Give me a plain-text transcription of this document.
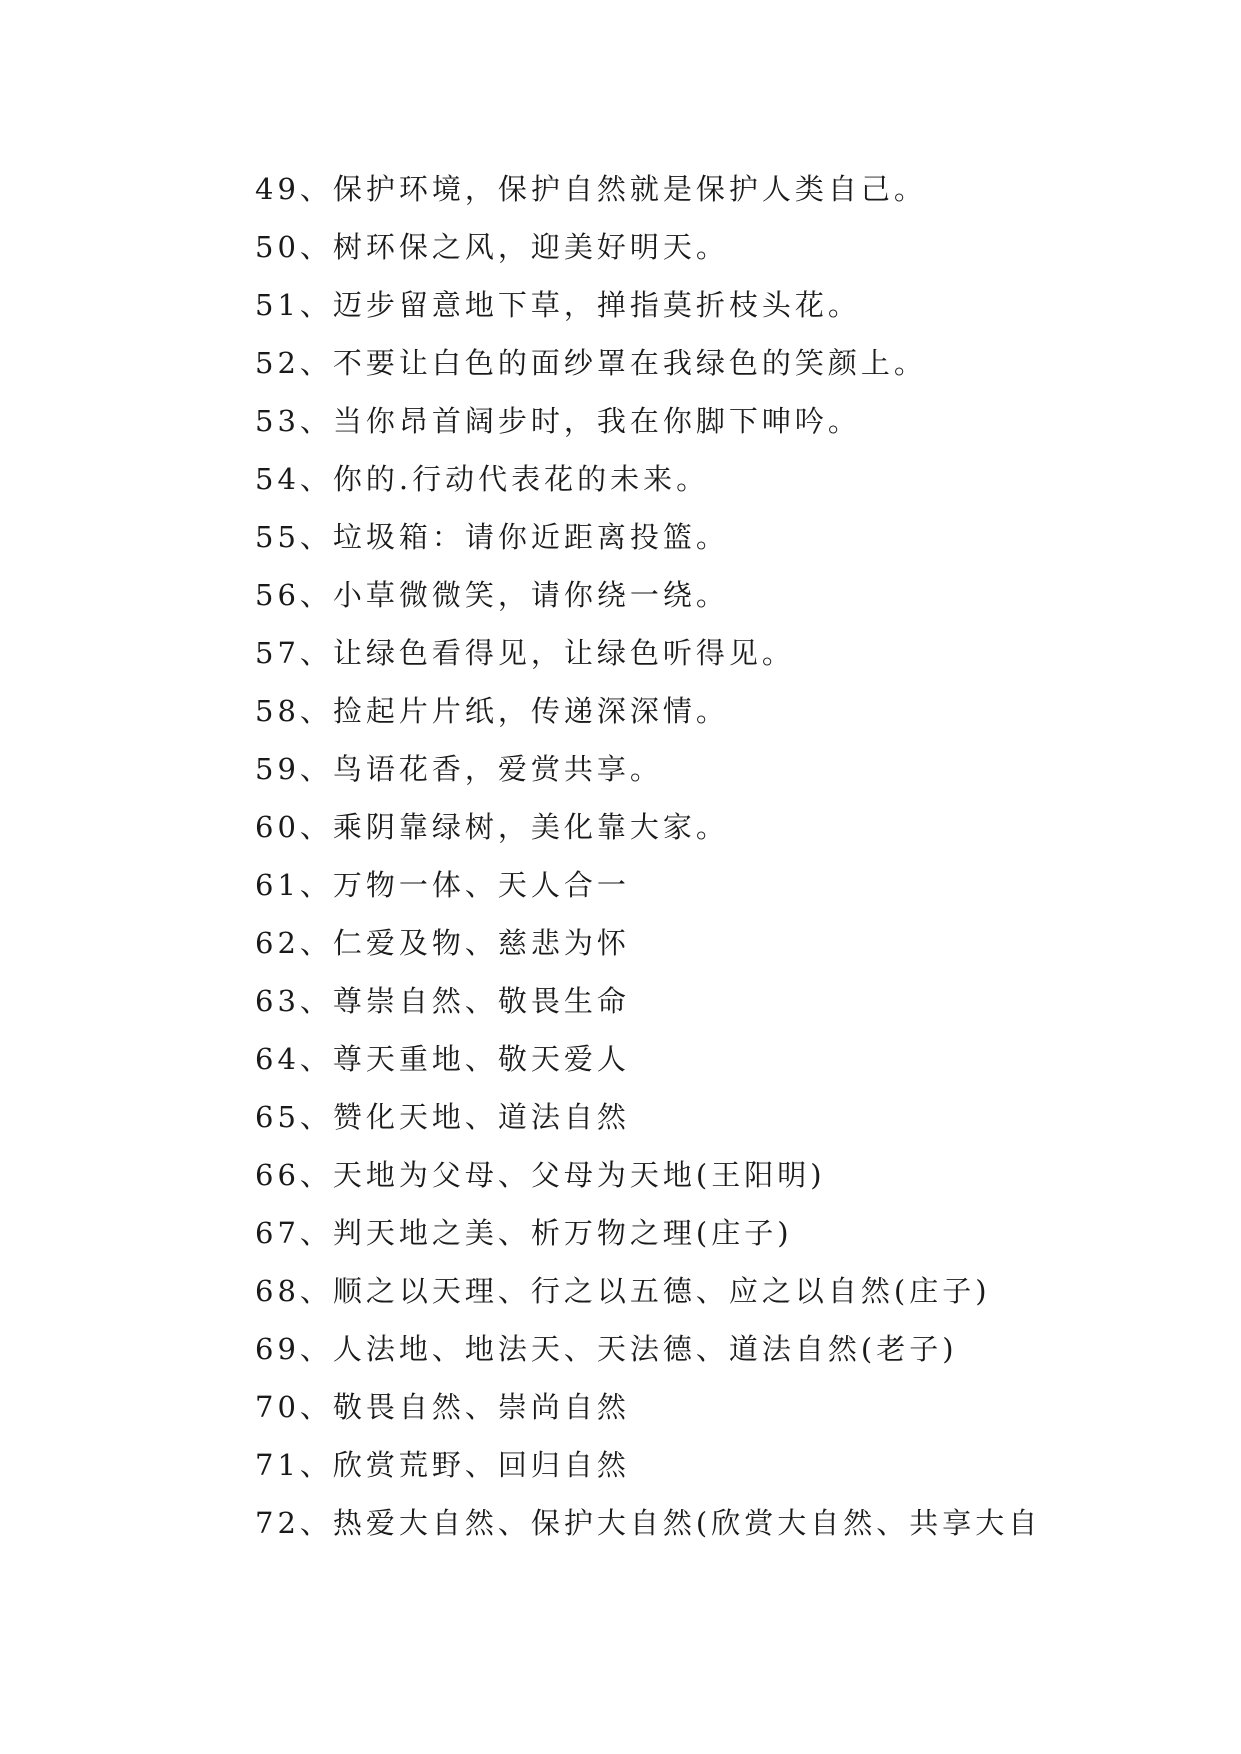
49、保护环境，保护自然就是保护人类自己。
50、树环保之风，迎美好明天。
51、迈步留意地下草，掸指莫折枝头花。
52、不要让白色的面纱罩在我绿色的笑颜上。
53、当你昂首阔步时，我在你脚下呻吟。
54、你的.行动代表花的未来。
55、垃圾箱：请你近距离投篮。
56、小草微微笑，请你绕一绕。
57、让绿色看得见，让绿色听得见。
58、捡起片片纸，传递深深情。
59、鸟语花香，爱赏共享。
60、乘阴靠绿树，美化靠大家。
61、万物一体、天人合一
62、仁爱及物、慈悲为怀
63、尊崇自然、敬畏生命
64、尊天重地、敬天爱人
65、赞化天地、道法自然
66、天地为父母、父母为天地(王阳明)
67、判天地之美、析万物之理(庄子)
68、顺之以天理、行之以五德、应之以自然(庄子)
69、人法地、地法天、天法德、道法自然(老子)
70、敬畏自然、崇尚自然
71、欣赏荒野、回归自然
72、热爱大自然、保护大自然(欣赏大自然、共享大自
